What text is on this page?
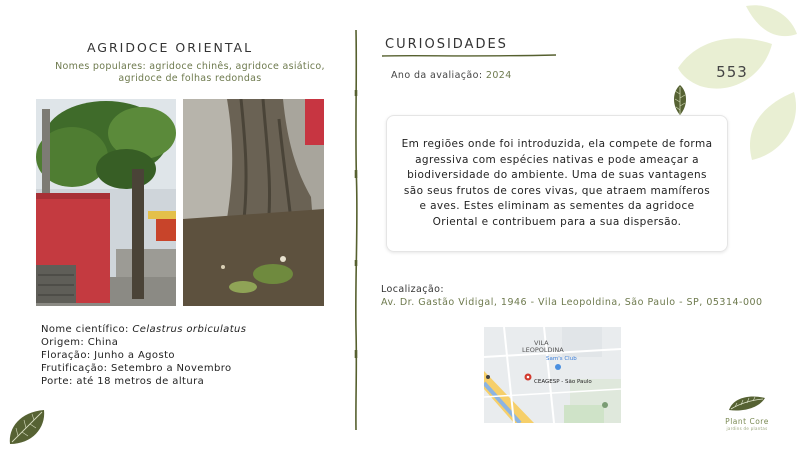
553
AGRIDOCE ORIENTAL
Nomes populares: agridoce chinês, agridoce asiático, agridoce de folhas redondas
Nome científico: Celastrus orbiculatus
Origem: China
Floração: Junho a Agosto
Frutificação: Setembro a Novembro
Porte: até 18 metros de altura
CURIOSIDADES
Ano da avaliação: 2024
Em regiões onde foi introduzida, ela compete de forma agressiva com espécies nativas e pode ameaçar a biodiversidade do ambiente. Uma de suas vantagens são seus frutos de cores vivas, que atraem mamíferos e aves. Estes eliminam as sementes da agridoce Oriental e contribuem para a sua dispersão.
Localização:
Av. Dr. Gastão Vidigal, 1946 - Vila Leopoldina, São Paulo - SP, 05314-000
VILA
LEOPOLDINA
Sam's Club
CEAGESP - São Paulo
Plant Core
jardins de plantas
